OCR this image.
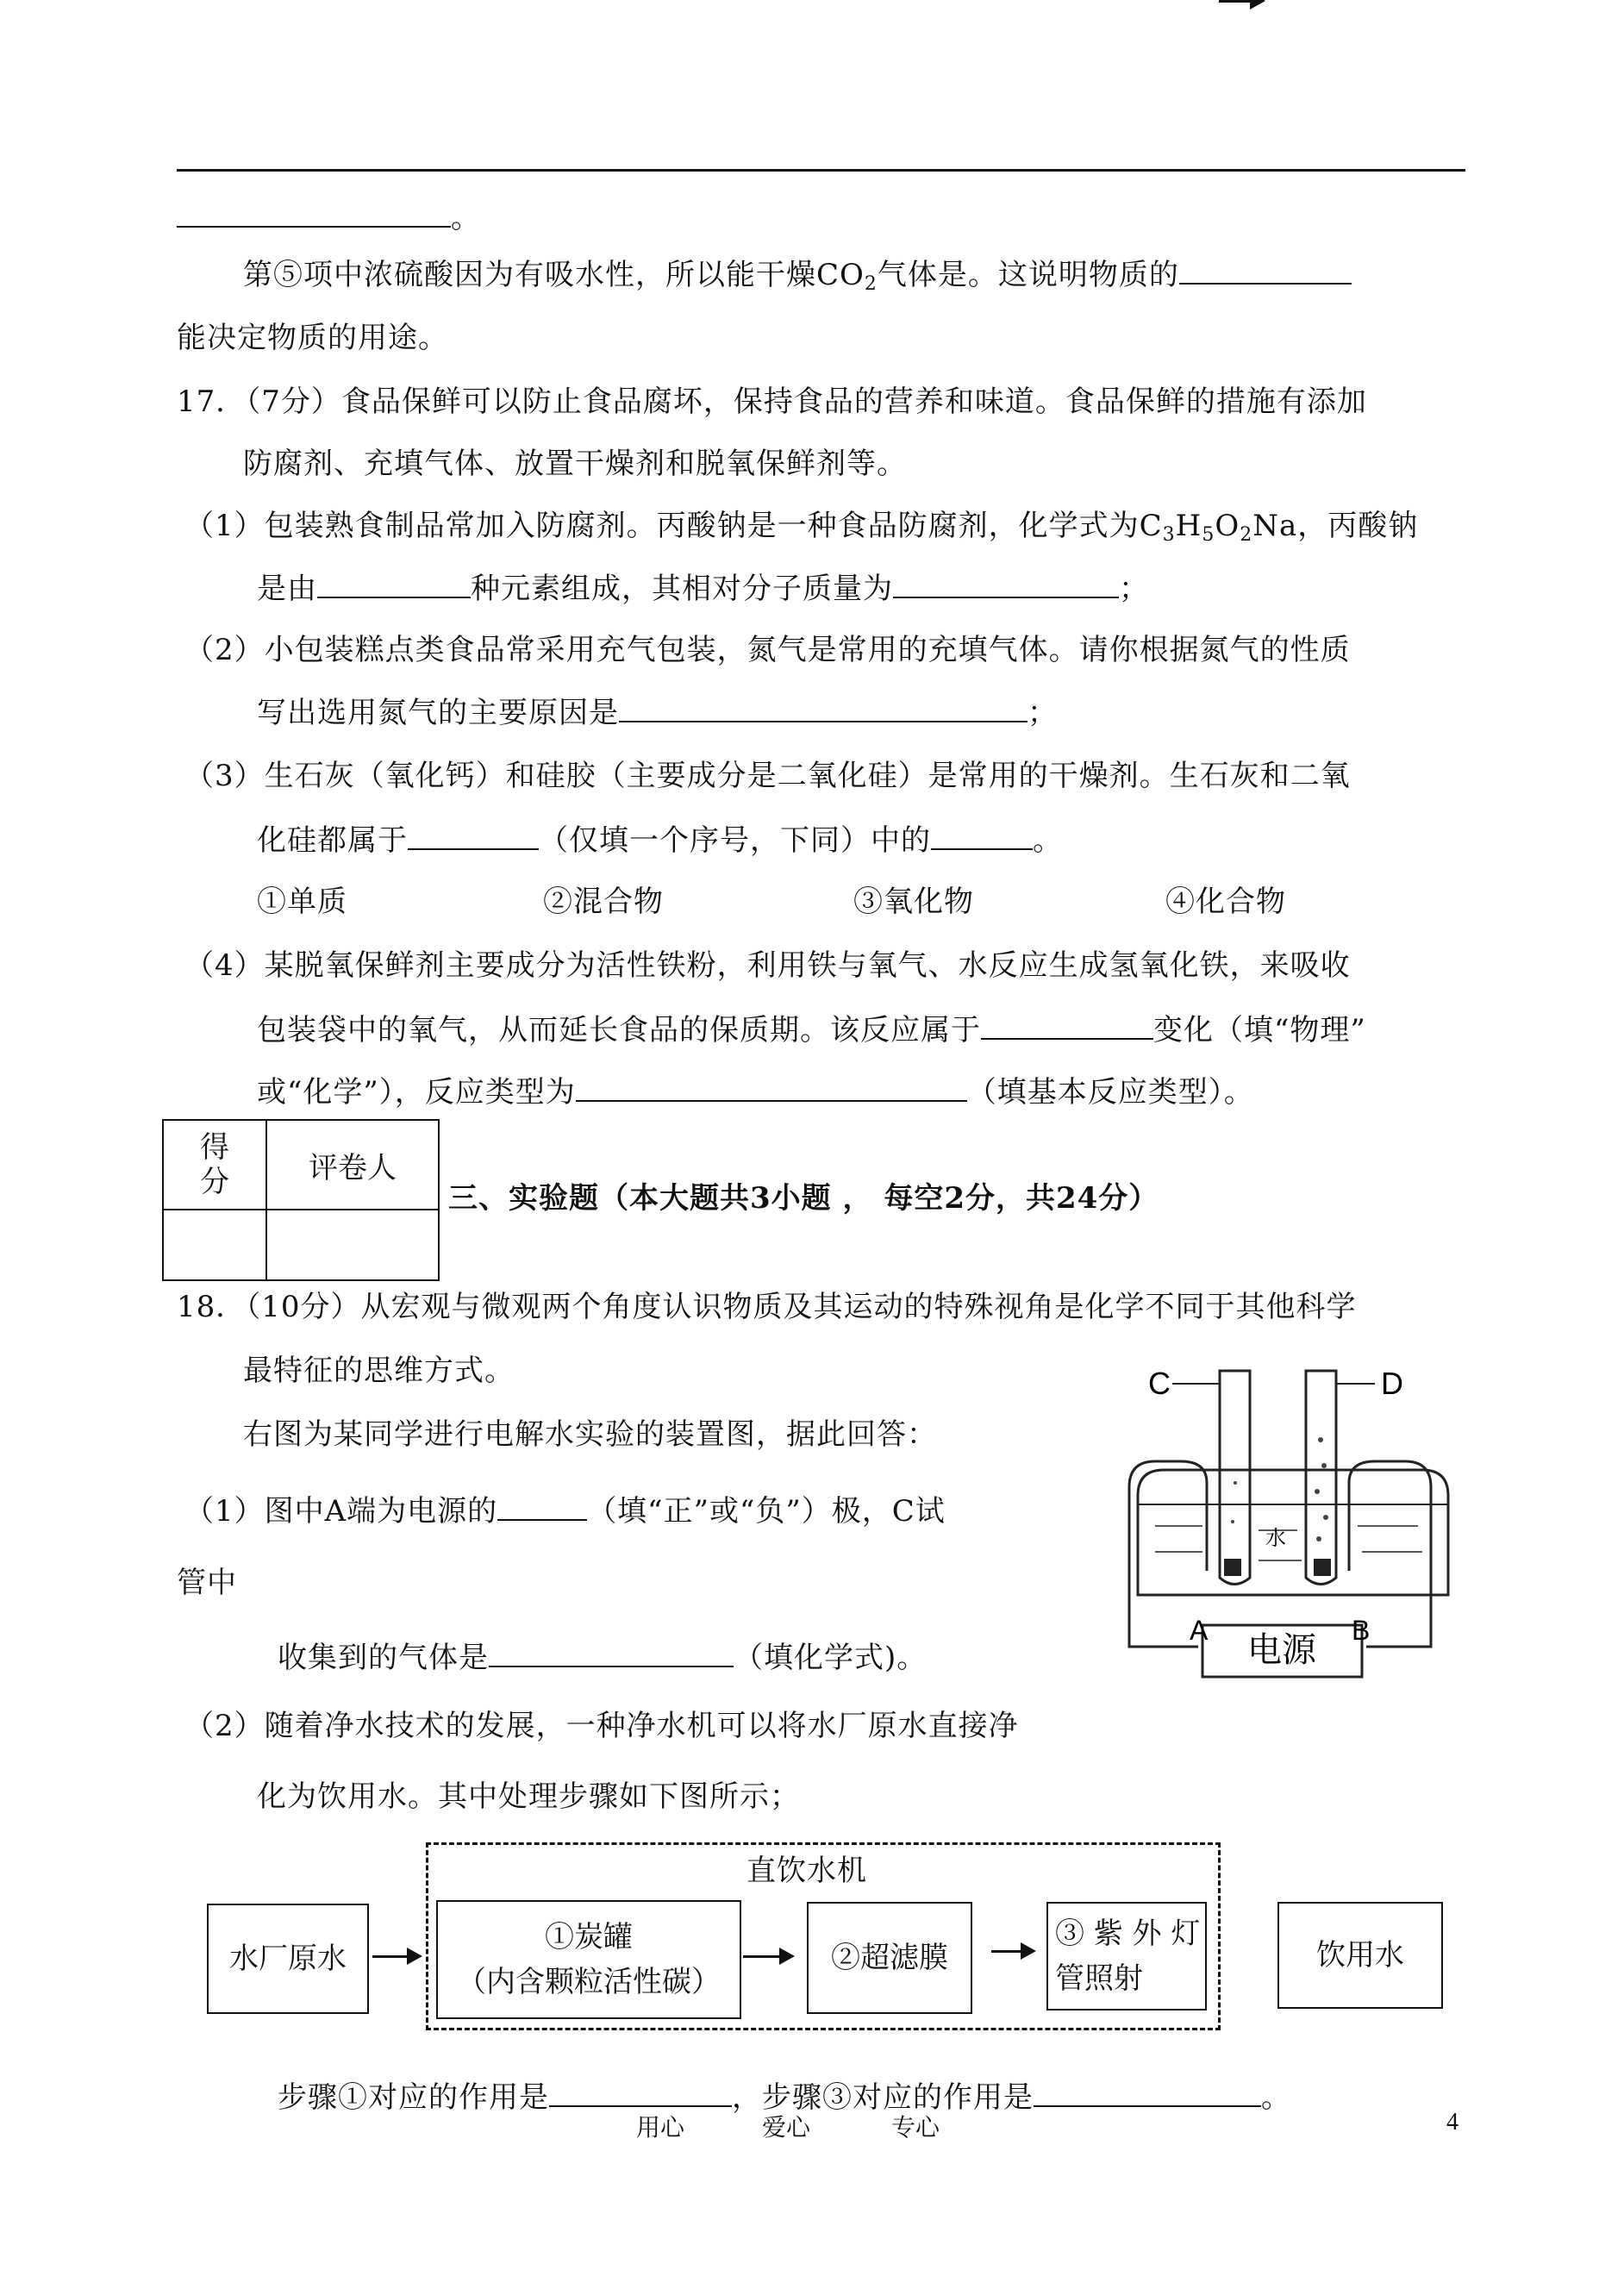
。
第⑤项中浓硫酸因为有吸水性，所以能干燥$CO_2$气体是。这说明物质的
能决定物质的用途。
17．（7分）食品保鲜可以防止食品腐坏，保持食品的营养和味道。食品保鲜的措施有添加
防腐剂、充填气体、放置干燥剂和脱氧保鲜剂等。
（1）包装熟食制品常加入防腐剂。丙酸钠是一种食品防腐剂，化学式为$C_3H_5O_2Na$，丙酸钠
是由	种元素组成，其相对分子质量为	；
（2）小包装糕点类食品常采用充气包装，氮气是常用的充填气体。请你根据氮气的性质
写出选用氮气的主要原因是	；
（3）生石灰（氧化钙）和硅胶（主要成分是二氧化硅）是常用的干燥剂。生石灰和二氧
化硅都属于	（仅填一个序号，下同）中的	。
①单质	②混合物	③氧化物	④化合物
（4）某脱氧保鲜剂主要成分为活性铁粉，利用铁与氧气、水反应生成氢氧化铁，来吸收
包装袋中的氧气，从而延长食品的保质期。该反应属于	变化（填“物理”
或“化学”），反应类型为	（填基本反应类型）。
得分	评卷人

三、实验题（本大题共3小题 ， 每空2分，共24分）
18．（10分）从宏观与微观两个角度认识物质及其运动的特殊视角是化学不同于其他科学
最特征的思维方式。
右图为某同学进行电解水实验的装置图，据此回答：
（1）图中A端为电源的	（填“正”或“负”）极，C试
管中
收集到的气体是	（填化学式)。
（2）随着净水技术的发展，一种净水机可以将水厂原水直接净
化为饮用水。其中处理步骤如下图所示；
C	D
水
A	B
电源
直饮水机
水厂原水
①炭罐
（内含颗粒活性碳）
②超滤膜
③ 紫 外 灯
管照射
饮用水
步骤①对应的作用是	，步骤③对应的作用是	。
用心	爱心	专心	4
